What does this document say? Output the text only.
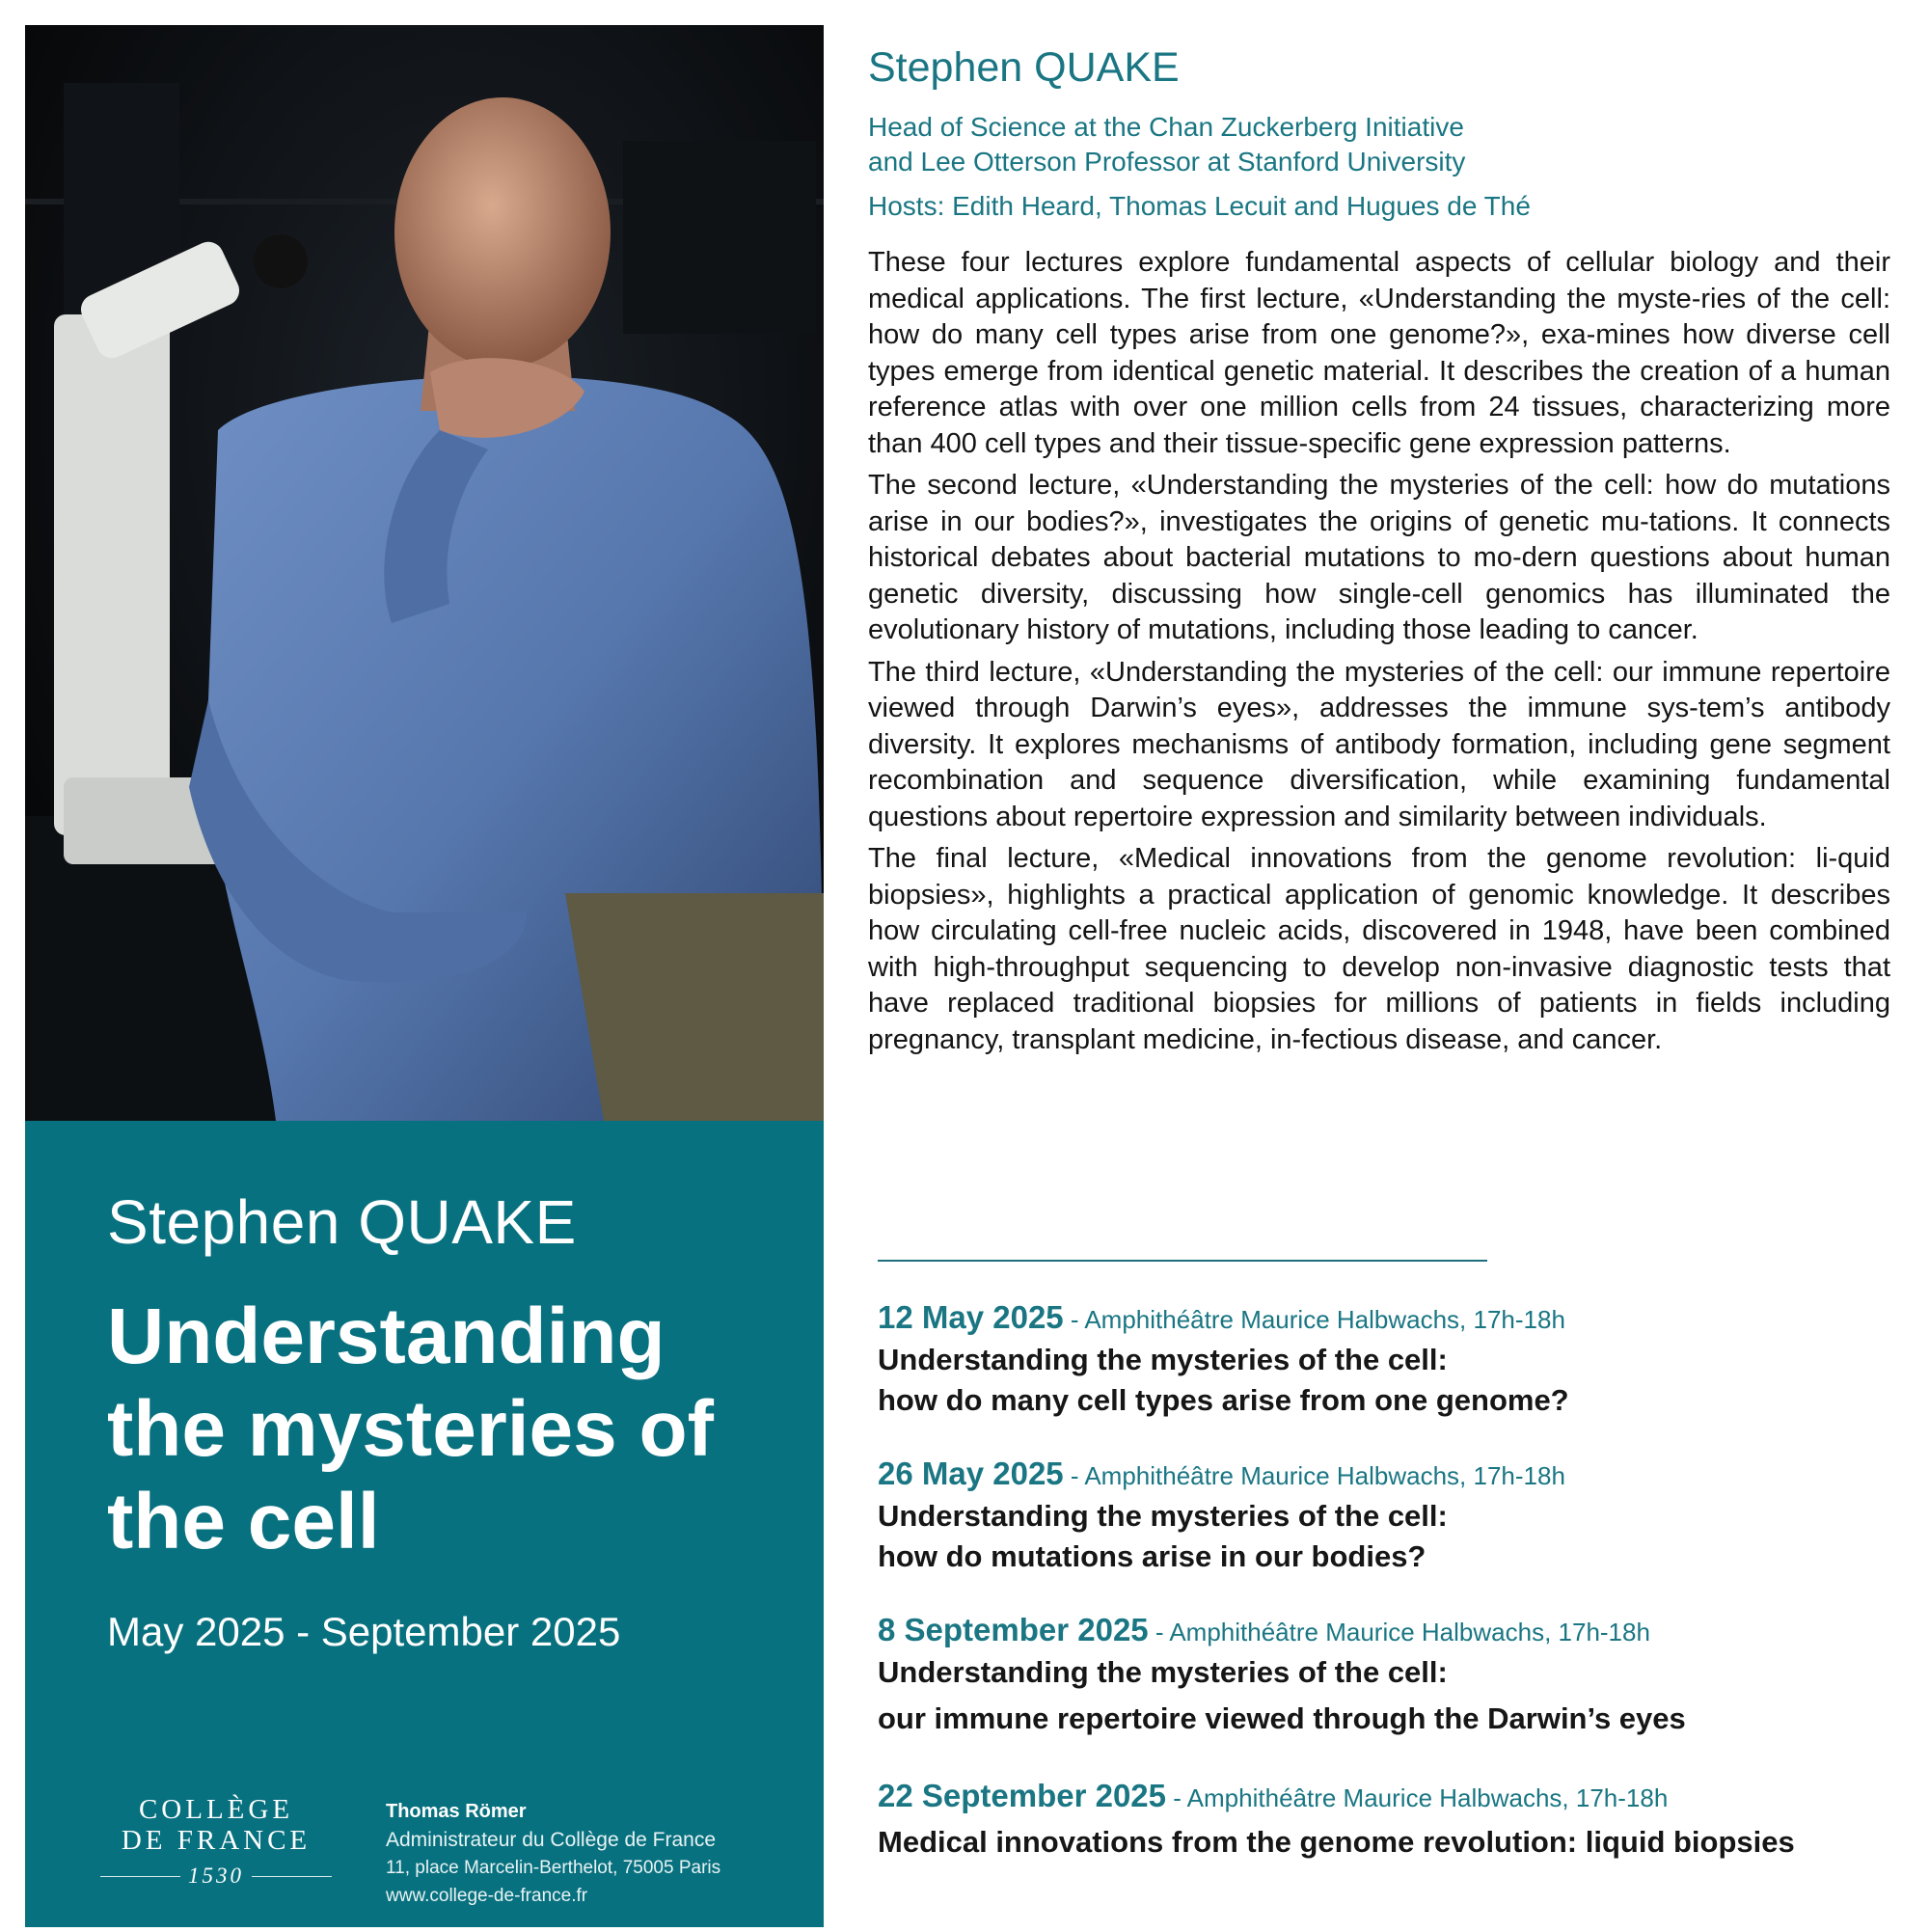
Stephen QUAKE
Understanding the mysteries of the cell
May 2025 - September 2025
COLLÈGE
DE FRANCE
1530
Thomas Römer
Administrateur du Collège de France
11, place Marcelin-Berthelot, 75005 Paris
www.college-de-france.fr
Stephen QUAKE
Head of Science at the Chan Zuckerberg Initiative
and Lee Otterson Professor at Stanford University
Hosts: Edith Heard, Thomas Lecuit and Hugues de Thé

These four lectures explore fundamental aspects of cellular biology and their medical applications. The first lecture, «Understanding the myste-ries of the cell: how do many cell types arise from one genome?», exa-mines how diverse cell types emerge from identical genetic material. It describes the creation of a human reference atlas with over one million cells from 24 tissues, characterizing more than 400 cell types and their tissue-specific gene expression patterns.

The second lecture, «Understanding the mysteries of the cell: how do mutations arise in our bodies?», investigates the origins of genetic mu-tations. It connects historical debates about bacterial mutations to mo-dern questions about human genetic diversity, discussing how single-cell genomics has illuminated the evolutionary history of mutations, including those leading to cancer.

The third lecture, «Understanding the mysteries of the cell: our immune repertoire viewed through Darwin’s eyes», addresses the immune sys-tem’s antibody diversity. It explores mechanisms of antibody formation, including gene segment recombination and sequence diversification, while examining fundamental questions about repertoire expression and similarity between individuals.

The final lecture, «Medical innovations from the genome revolution: li-quid biopsies», highlights a practical application of genomic knowledge. It describes how circulating cell-free nucleic acids, discovered in 1948, have been combined with high-throughput sequencing to develop non-invasive diagnostic tests that have replaced traditional biopsies for millions of patients in fields including pregnancy, transplant medicine, in-fectious disease, and cancer.

12 May 2025 - Amphithéâtre Maurice Halbwachs, 17h-18h
Understanding the mysteries of the cell:
how do many cell types arise from one genome?
26 May 2025 - Amphithéâtre Maurice Halbwachs, 17h-18h
Understanding the mysteries of the cell:
how do mutations arise in our bodies?
8 September 2025 - Amphithéâtre Maurice Halbwachs, 17h-18h
Understanding the mysteries of the cell:
our immune repertoire viewed through the Darwin’s eyes
22 September 2025 - Amphithéâtre Maurice Halbwachs, 17h-18h
Medical innovations from the genome revolution: liquid biopsies
